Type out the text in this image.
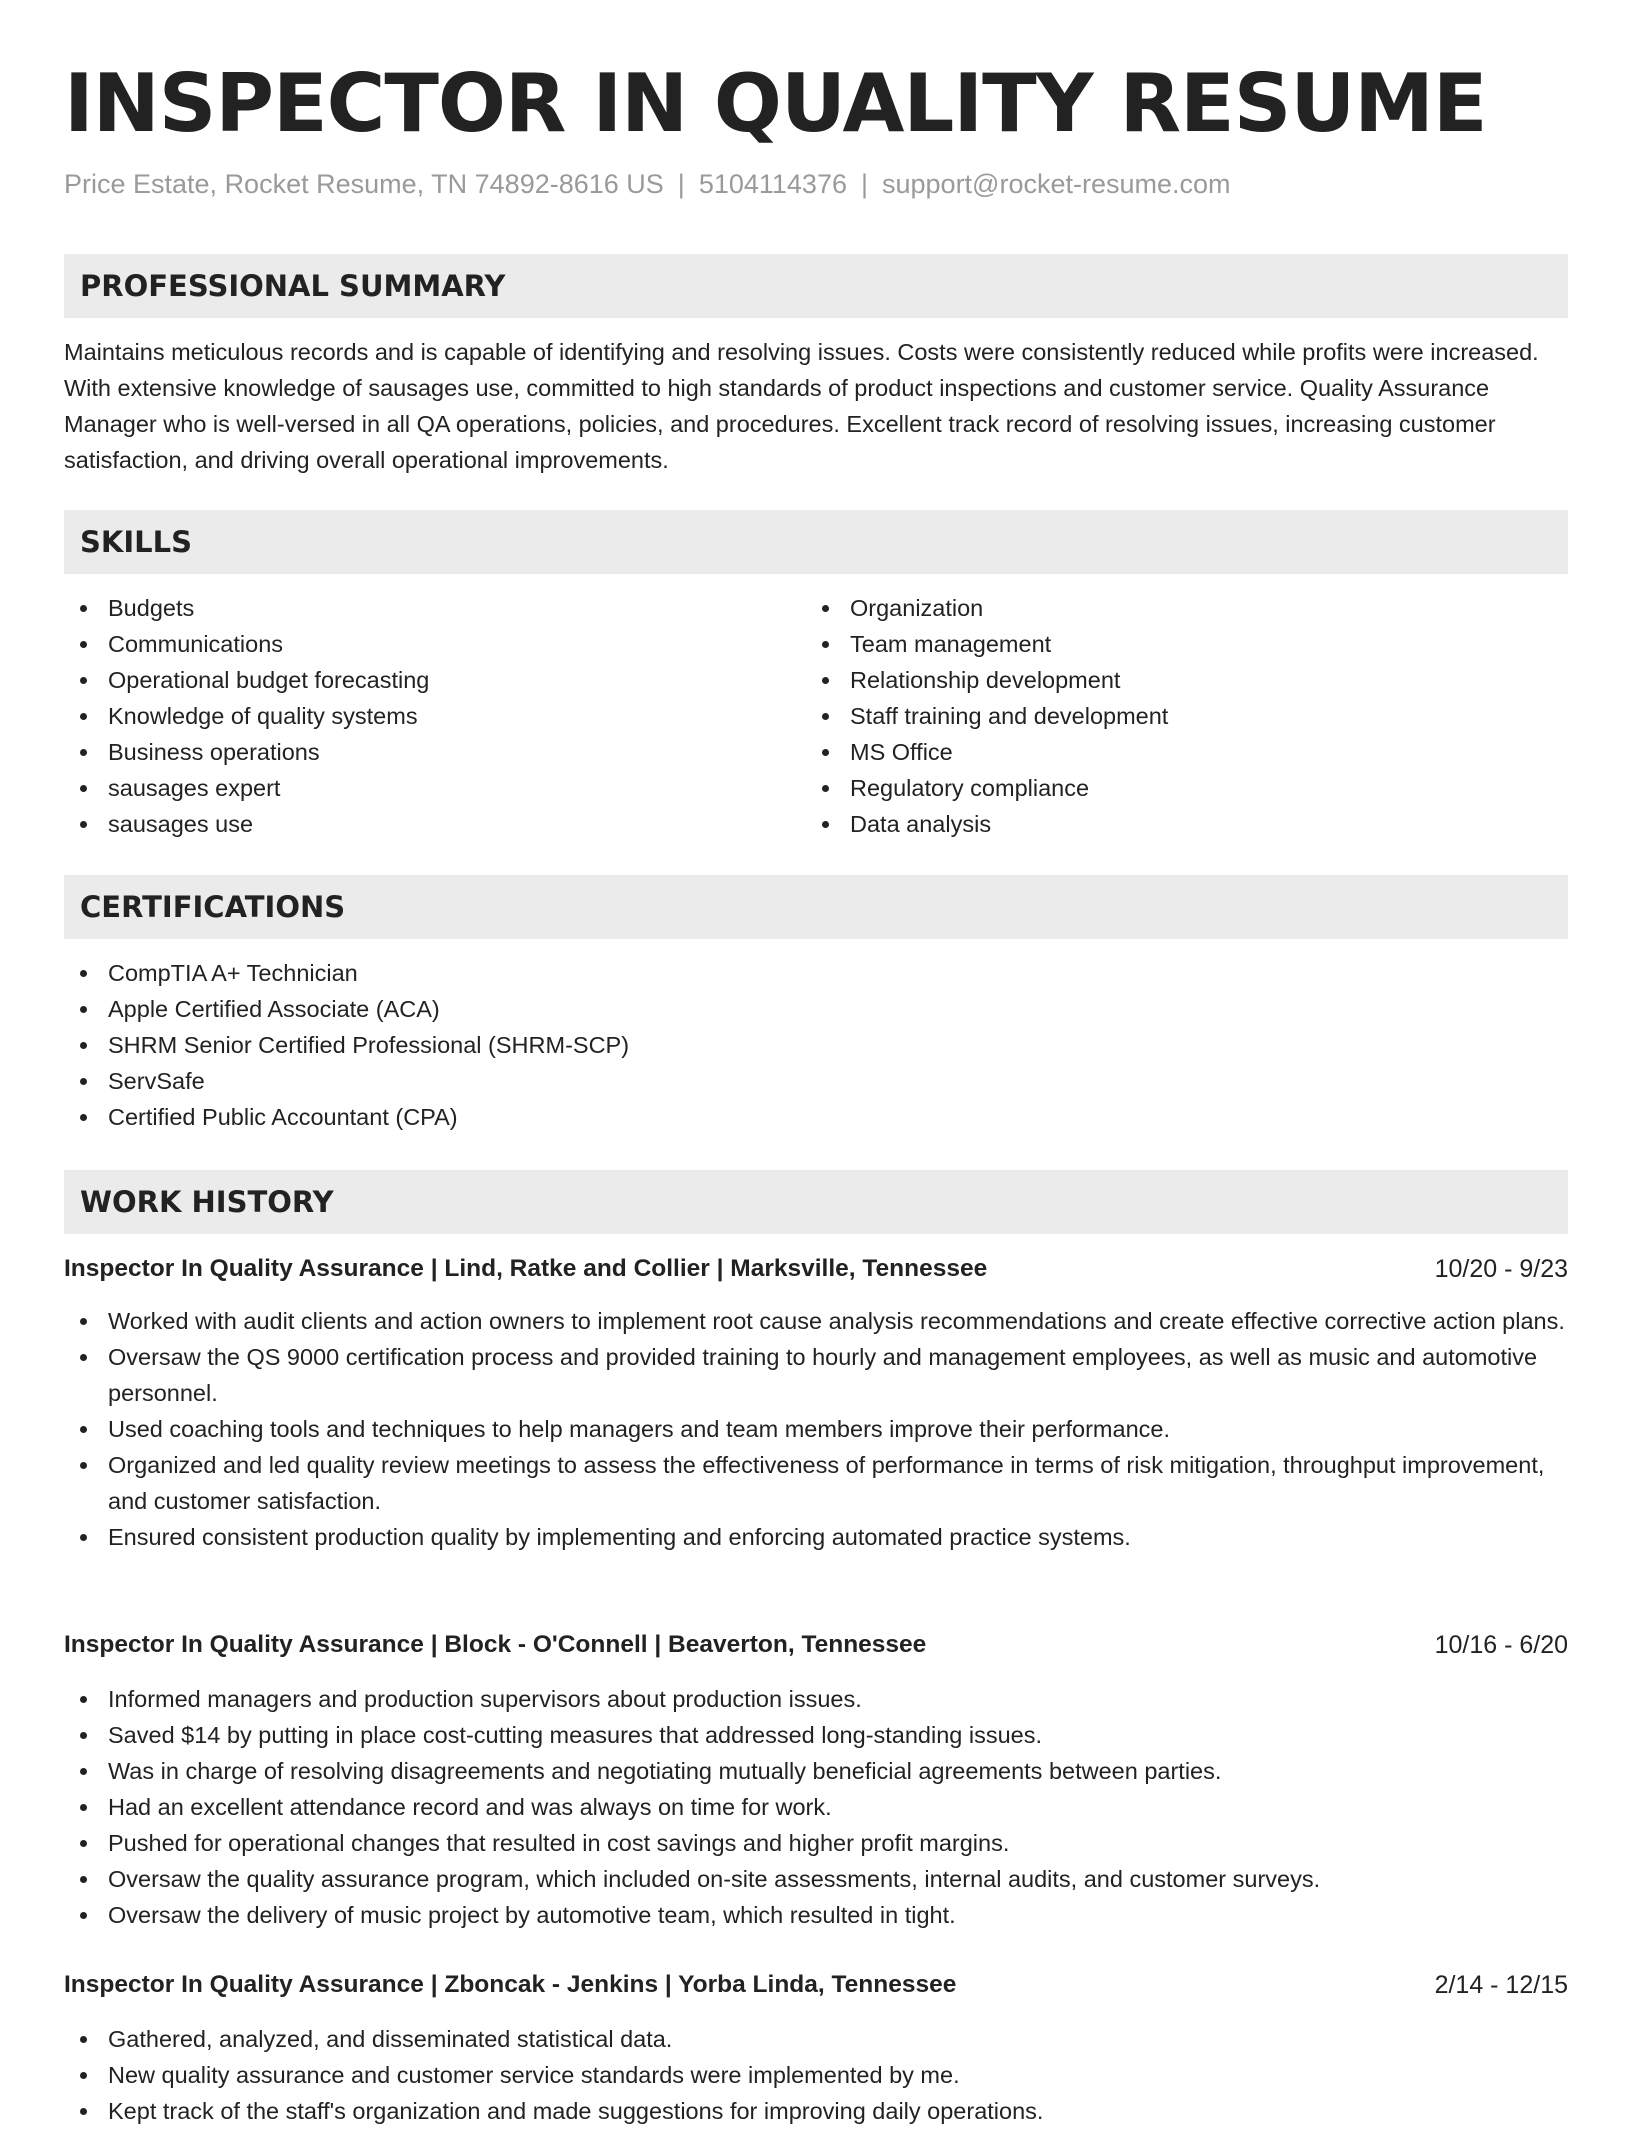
INSPECTOR IN QUALITY RESUME
Price Estate, Rocket Resume, TN 74892-8616 US | 5104114376 | support@rocket-resume.com
PROFESSIONAL SUMMARY

Maintains meticulous records and is capable of identifying and resolving issues. Costs were consistently reduced while profits were increased. With extensive knowledge of sausages use, committed to high standards of product inspections and customer service. Quality Assurance Manager who is well-versed in all QA operations, policies, and procedures. Excellent track record of resolving issues, increasing customer satisfaction, and driving overall operational improvements.

SKILLS
Budgets
Communications
Operational budget forecasting
Knowledge of quality systems
Business operations
sausages expert
sausages use
Organization
Team management
Relationship development
Staff training and development
MS Office
Regulatory compliance
Data analysis
CERTIFICATIONS
CompTIA A+ Technician
Apple Certified Associate (ACA)
SHRM Senior Certified Professional (SHRM-SCP)
ServSafe
Certified Public Accountant (CPA)
WORK HISTORY
Inspector In Quality Assurance | Lind, Ratke and Collier | Marksville, Tennessee	10/20 - 9/23
Worked with audit clients and action owners to implement root cause analysis recommendations and create effective corrective action plans.
Oversaw the QS 9000 certification process and provided training to hourly and management employees, as well as music and automotive personnel.
Used coaching tools and techniques to help managers and team members improve their performance.
Organized and led quality review meetings to assess the effectiveness of performance in terms of risk mitigation, throughput improvement, and customer satisfaction.
Ensured consistent production quality by implementing and enforcing automated practice systems.
Inspector In Quality Assurance | Block - O'Connell | Beaverton, Tennessee	10/16 - 6/20
Informed managers and production supervisors about production issues.
Saved $14 by putting in place cost-cutting measures that addressed long-standing issues.
Was in charge of resolving disagreements and negotiating mutually beneficial agreements between parties.
Had an excellent attendance record and was always on time for work.
Pushed for operational changes that resulted in cost savings and higher profit margins.
Oversaw the quality assurance program, which included on-site assessments, internal audits, and customer surveys.
Oversaw the delivery of music project by automotive team, which resulted in tight.
Inspector In Quality Assurance | Zboncak - Jenkins | Yorba Linda, Tennessee	2/14 - 12/15
Gathered, analyzed, and disseminated statistical data.
New quality assurance and customer service standards were implemented by me.
Kept track of the staff's organization and made suggestions for improving daily operations.
